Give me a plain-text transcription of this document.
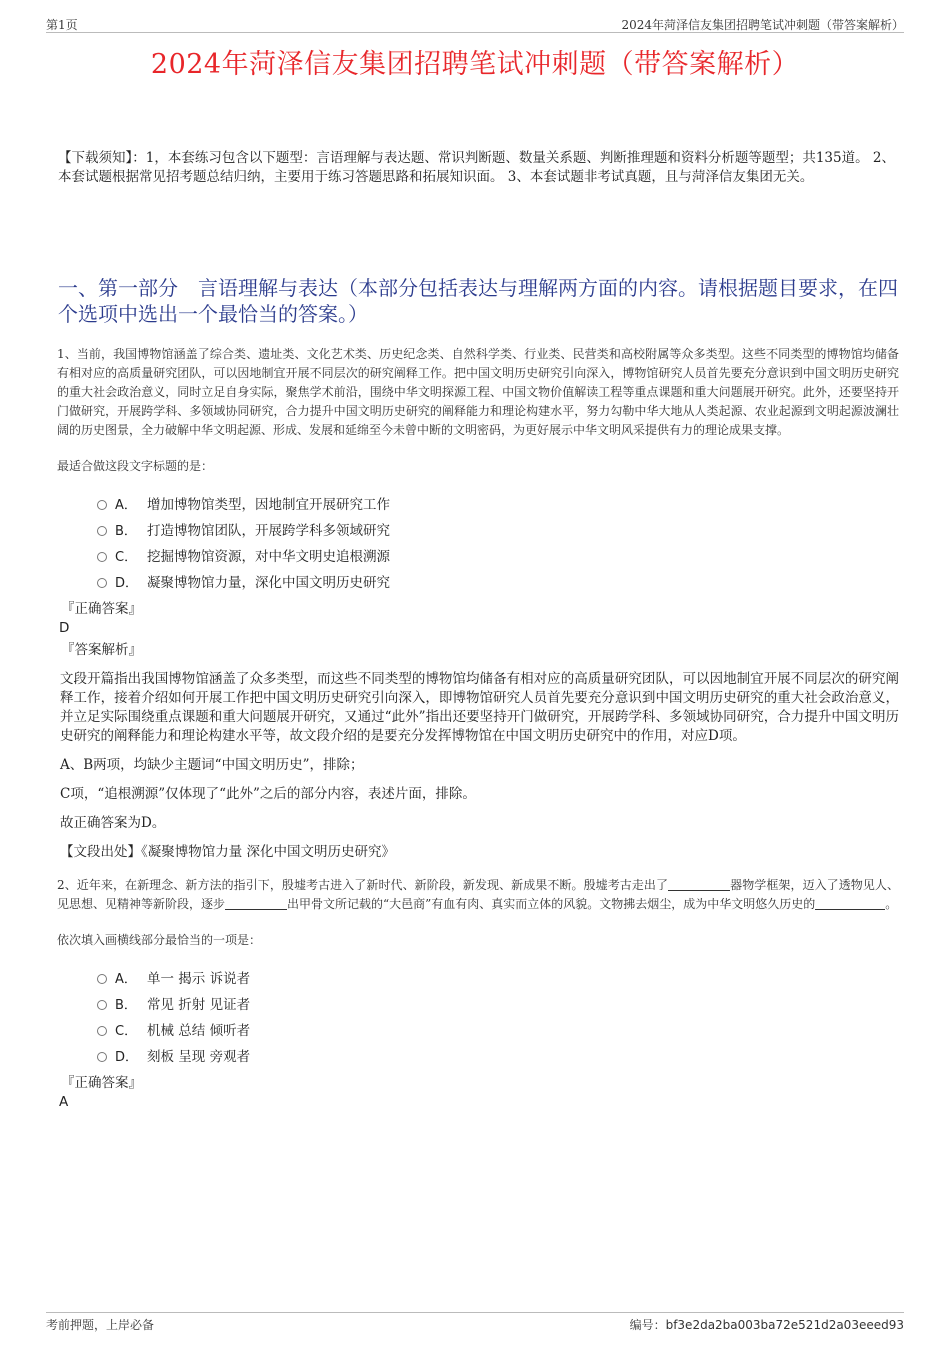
第1页	2024年菏泽信友集团招聘笔试冲刺题（带答案解析）
2024年菏泽信友集团招聘笔试冲刺题（带答案解析）
【下载须知】：1，本套练习包含以下题型：言语理解与表达题、常识判断题、数量关系题、判断推理题和资料分析题等题型；共135道。 2、本套试题根据常见招考题总结归纳，主要用于练习答题思路和拓展知识面。 3、本套试题非考试真题，且与菏泽信友集团无关。
一、第一部分　言语理解与表达（本部分包括表达与理解两方面的内容。请根据题目要求，在四个选项中选出一个最恰当的答案。）

1、当前，我国博物馆涵盖了综合类、遗址类、文化艺术类、历史纪念类、自然科学类、行业类、民营类和高校附属等众多类型。这些不同类型的博物馆均储备有相对应的高质量研究团队，可以因地制宜开展不同层次的研究阐释工作。把中国文明历史研究引向深入，博物馆研究人员首先要充分意识到中国文明历史研究的重大社会政治意义，同时立足自身实际，聚焦学术前沿，围绕中华文明探源工程、中国文物价值解读工程等重点课题和重大问题展开研究。此外，还要坚持开门做研究，开展跨学科、多领域协同研究，合力提升中国文明历史研究的阐释能力和理论构建水平，努力勾勒中华大地从人类起源、农业起源到文明起源波澜壮阔的历史图景，全力破解中华文明起源、形成、发展和延绵至今未曾中断的文明密码，为更好展示中华文明风采提供有力的理论成果支撑。

最适合做这段文字标题的是：

A． 增加博物馆类型，因地制宜开展研究工作
B． 打造博物馆团队，开展跨学科多领域研究
C． 挖掘博物馆资源，对中华文明史追根溯源
D． 凝聚博物馆力量，深化中国文明历史研究
『正确答案』
D
『答案解析』

文段开篇指出我国博物馆涵盖了众多类型，而这些不同类型的博物馆均储备有相对应的高质量研究团队，可以因地制宜开展不同层次的研究阐释工作，接着介绍如何开展工作把中国文明历史研究引向深入，即博物馆研究人员首先要充分意识到中国文明历史研究的重大社会政治意义，并立足实际围绕重点课题和重大问题展开研究，又通过“此外”指出还要坚持开门做研究，开展跨学科、多领域协同研究，合力提升中国文明历史研究的阐释能力和理论构建水平等，故文段介绍的是要充分发挥博物馆在中国文明历史研究中的作用，对应D项。

A、B两项，均缺少主题词“中国文明历史”，排除；

C项，“追根溯源”仅体现了“此外”之后的部分内容，表述片面，排除。

故正确答案为D。

【文段出处】《凝聚博物馆力量 深化中国文明历史研究》

2、近年来，在新理念、新方法的指引下，殷墟考古进入了新时代、新阶段，新发现、新成果不断。殷墟考古走出了	器物学框架，迈入了透物见人、见思想、见精神等新阶段，逐步	出甲骨文所记载的“大邑商”有血有肉、真实而立体的风貌。文物拂去烟尘，成为中华文明悠久历史的	。

依次填入画横线部分最恰当的一项是：

A． 单一 揭示 诉说者
B． 常见 折射 见证者
C． 机械 总结 倾听者
D． 刻板 呈现 旁观者
『正确答案』
A
考前押题，上岸必备	编号：bf3e2da2ba003ba72e521d2a03eeed93
